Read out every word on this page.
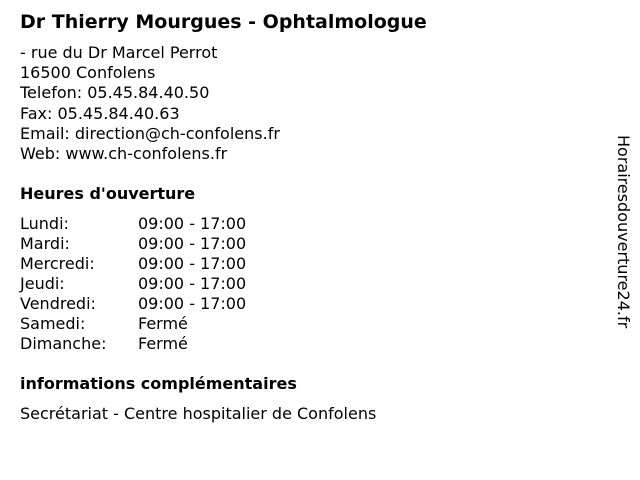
Dr Thierry Mourgues - Ophtalmologue
- rue du Dr Marcel Perrot
16500 Confolens
Telefon: 05.45.84.40.50
Fax: 05.45.84.40.63
Email: direction@ch-confolens.fr
Web: www.ch-confolens.fr
Heures d'ouverture
Lundi:	09:00 - 17:00
Mardi:	09:00 - 17:00
Mercredi:	09:00 - 17:00
Jeudi:	09:00 - 17:00
Vendredi:	09:00 - 17:00
Samedi:	Fermé
Dimanche:	Fermé
informations complémentaires
Secrétariat - Centre hospitalier de Confolens
Horairesdouverture24.fr
